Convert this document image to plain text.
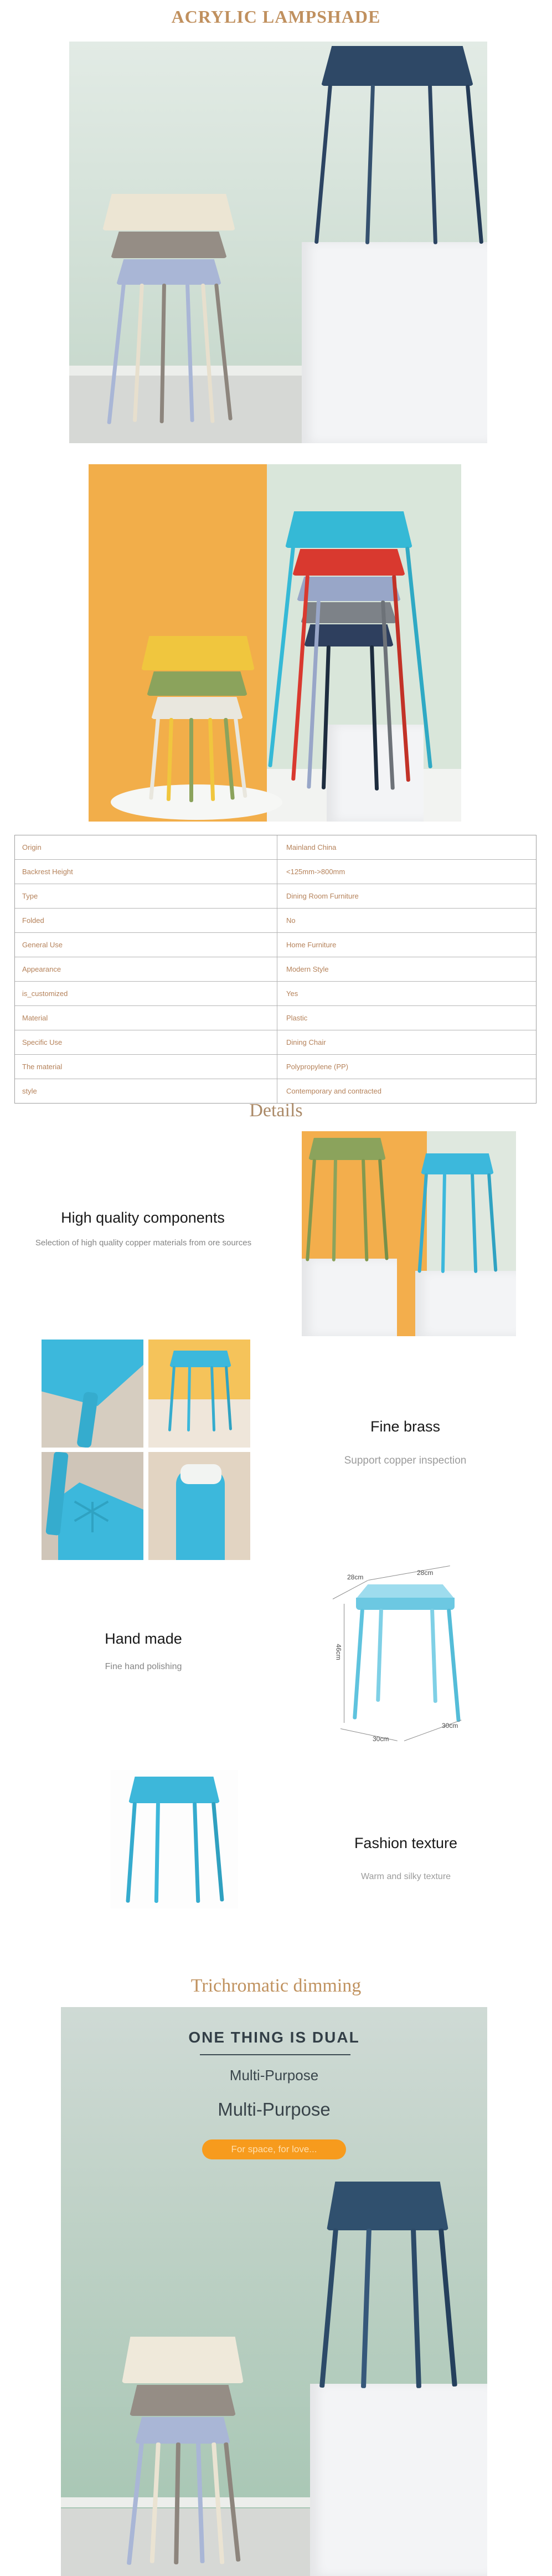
ACRYLIC LAMPSHADE
Origin	Mainland China
Backrest Height	<125mm->800mm
Type	Dining Room Furniture
Folded	No
General Use	Home Furniture
Appearance	Modern Style
is_customized	Yes
Material	Plastic
Specific Use	Dining Chair
The material	Polypropylene (PP)
style	Contemporary and contracted
Details
High quality components
Selection of high quality copper materials from ore sources
Fine brass
Support copper inspection
28cm
28cm
46cm
30cm
30cm
Hand made
Fine hand polishing
Fashion texture
Warm and silky texture
Trichromatic dimming
ONE THING IS DUAL
Multi-Purpose
Multi-Purpose
For space, for love...
